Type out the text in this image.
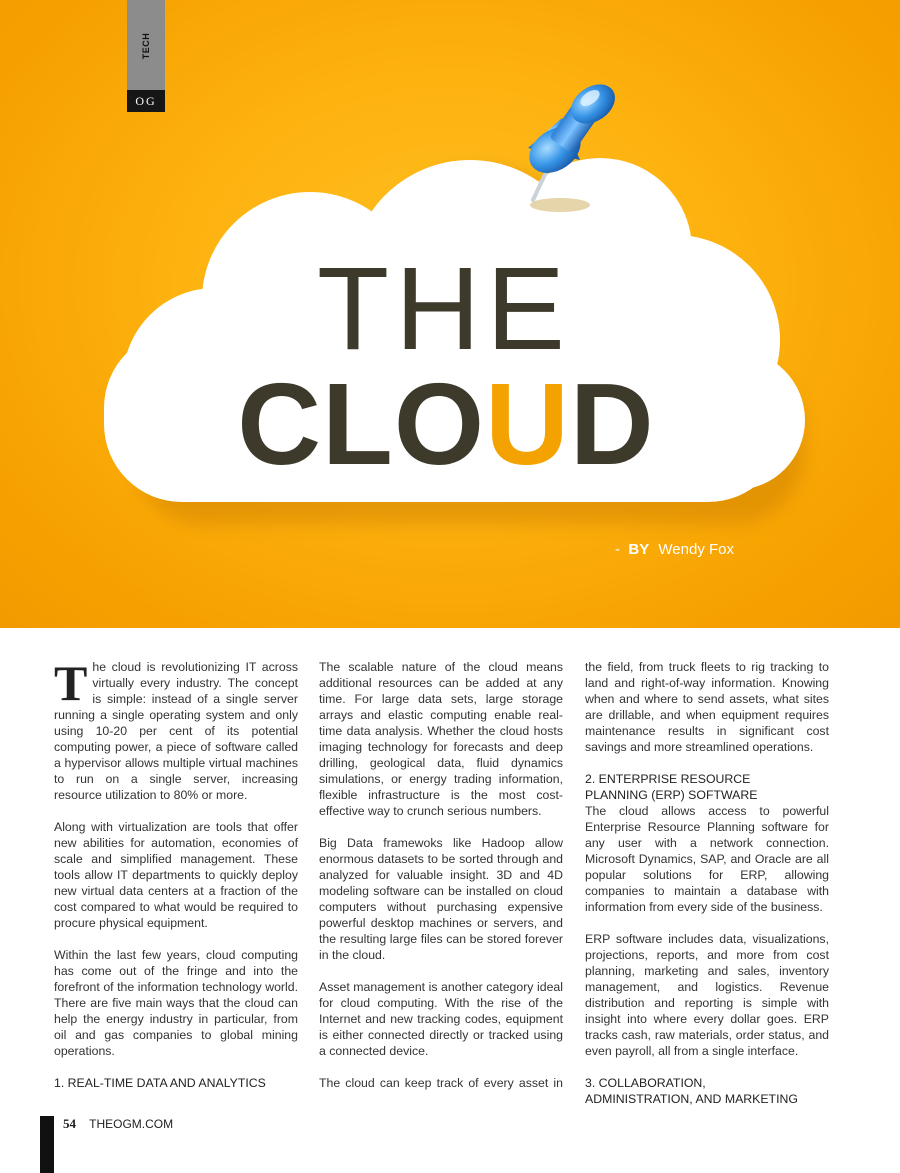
TECH
OG
THE
CLOUD
- BY Wendy Fox

The cloud is revolutionizing IT across virtually every industry. The concept is simple: instead of a single server running a single operating system and only using 10-20 per cent of its potential computing power, a piece of software called a hypervisor allows multiple virtual machines to run on a single server, increasing resource utilization to 80% or more.

Along with virtualization are tools that offer new abilities for automation, economies of scale and simplified management. These tools allow IT departments to quickly deploy new virtual data centers at a fraction of the cost compared to what would be required to procure physical equipment.

Within the last few years, cloud computing has come out of the fringe and into the forefront of the information technology world. There are five main ways that the cloud can help the energy industry in particular, from oil and gas companies to global mining operations.

1. REAL-TIME DATA AND ANALYTICS

The scalable nature of the cloud means additional resources can be added at any time. For large data sets, large storage arrays and elastic computing enable real-time data analysis. Whether the cloud hosts imaging technology for forecasts and deep drilling, geological data, fluid dynamics simulations, or energy trading information, flexible infrastructure is the most cost-effective way to crunch serious numbers.

Big Data framewoks like Hadoop allow enormous datasets to be sorted through and analyzed for valuable insight. 3D and 4D modeling software can be installed on cloud computers without purchasing expensive powerful desktop machines or servers, and the resulting large files can be stored forever in the cloud.

Asset management is another category ideal for cloud computing. With the rise of the Internet and new tracking codes, equipment is either connected directly or tracked using a connected device.

The cloud can keep track of every asset in

the field, from truck fleets to rig tracking to land and right-of-way information. Knowing when and where to send assets, what sites are drillable, and when equipment requires maintenance results in significant cost savings and more streamlined operations.

2. ENTERPRISE RESOURCE
PLANNING (ERP) SOFTWARE

The cloud allows access to powerful Enterprise Resource Planning software for any user with a network connection. Microsoft Dynamics, SAP, and Oracle are all popular solutions for ERP, allowing companies to maintain a database with information from every side of the business.

ERP software includes data, visualizations, projections, reports, and more from cost planning, marketing and sales, inventory management, and logistics. Revenue distribution and reporting is simple with insight into where every dollar goes. ERP tracks cash, raw materials, order status, and even payroll, all from a single interface.

3. COLLABORATION,
ADMINISTRATION, AND MARKETING

54 THEOGM.COM
